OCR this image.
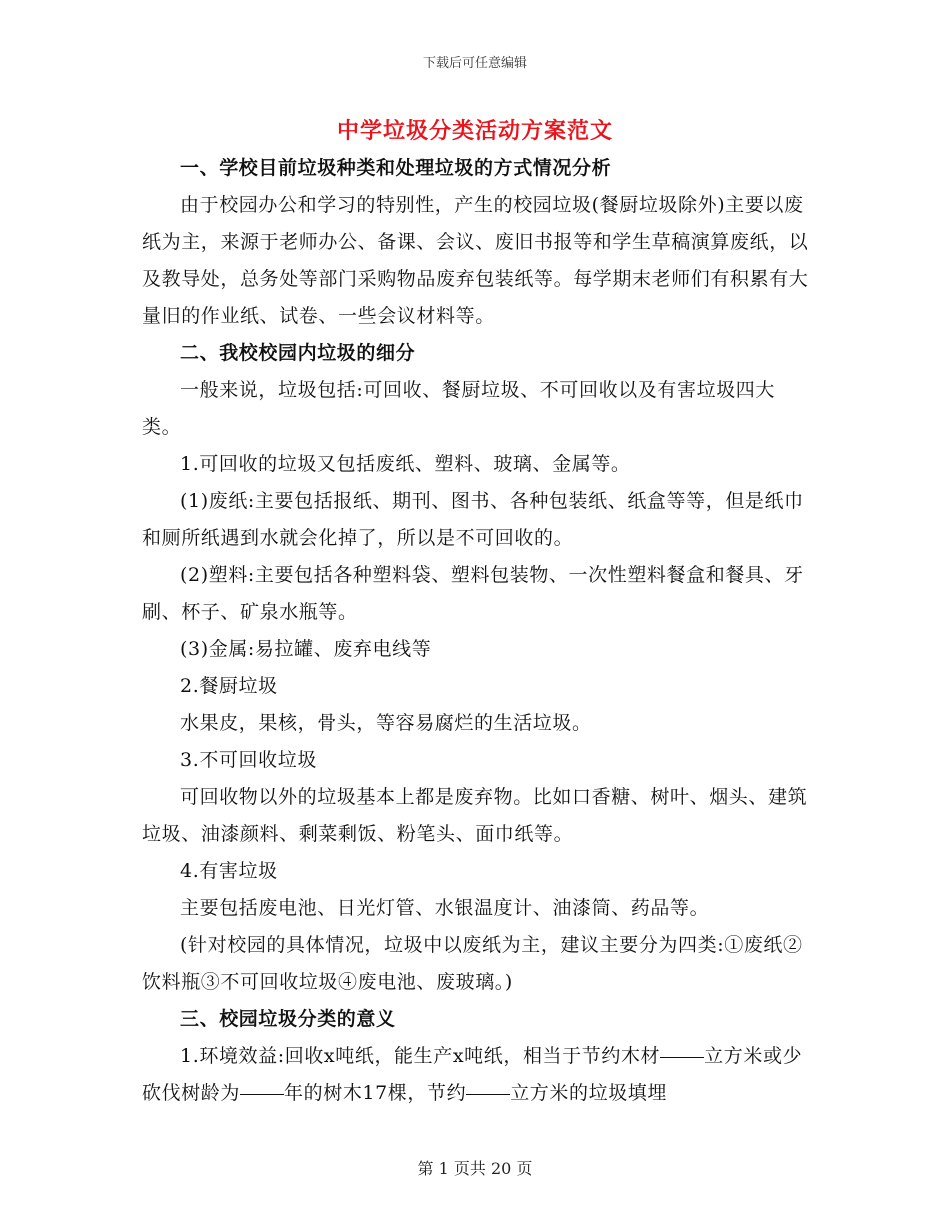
下载后可任意编辑
中学垃圾分类活动方案范文

一、学校目前垃圾种类和处理垃圾的方式情况分析

由于校园办公和学习的特别性，产生的校园垃圾(餐厨垃圾除外)主要以废纸为主，来源于老师办公、备课、会议、废旧书报等和学生草稿演算废纸，以及教导处，总务处等部门采购物品废弃包装纸等。每学期末老师们有积累有大量旧的作业纸、试卷、一些会议材料等。

二、我校校园内垃圾的细分

一般来说，垃圾包括:可回收、餐厨垃圾、不可回收以及有害垃圾四大类。

1.可回收的垃圾又包括废纸、塑料、玻璃、金属等。

(1)废纸:主要包括报纸、期刊、图书、各种包装纸、纸盒等等，但是纸巾和厕所纸遇到水就会化掉了，所以是不可回收的。

(2)塑料:主要包括各种塑料袋、塑料包装物、一次性塑料餐盒和餐具、牙刷、杯子、矿泉水瓶等。

(3)金属:易拉罐、废弃电线等

2.餐厨垃圾

水果皮，果核，骨头，等容易腐烂的生活垃圾。

3.不可回收垃圾

可回收物以外的垃圾基本上都是废弃物。比如口香糖、树叶、烟头、建筑垃圾、油漆颜料、剩菜剩饭、粉笔头、面巾纸等。

4.有害垃圾

主要包括废电池、日光灯管、水银温度计、油漆筒、药品等。

(针对校园的具体情况，垃圾中以废纸为主，建议主要分为四类:①废纸②饮料瓶③不可回收垃圾④废电池、废玻璃。)

三、校园垃圾分类的意义

1.环境效益:回收x吨纸，能生产x吨纸，相当于节约木材 立方米或少砍伐树龄为 年的树木17棵，节约 立方米的垃圾填埋

第 1 页共 20 页
